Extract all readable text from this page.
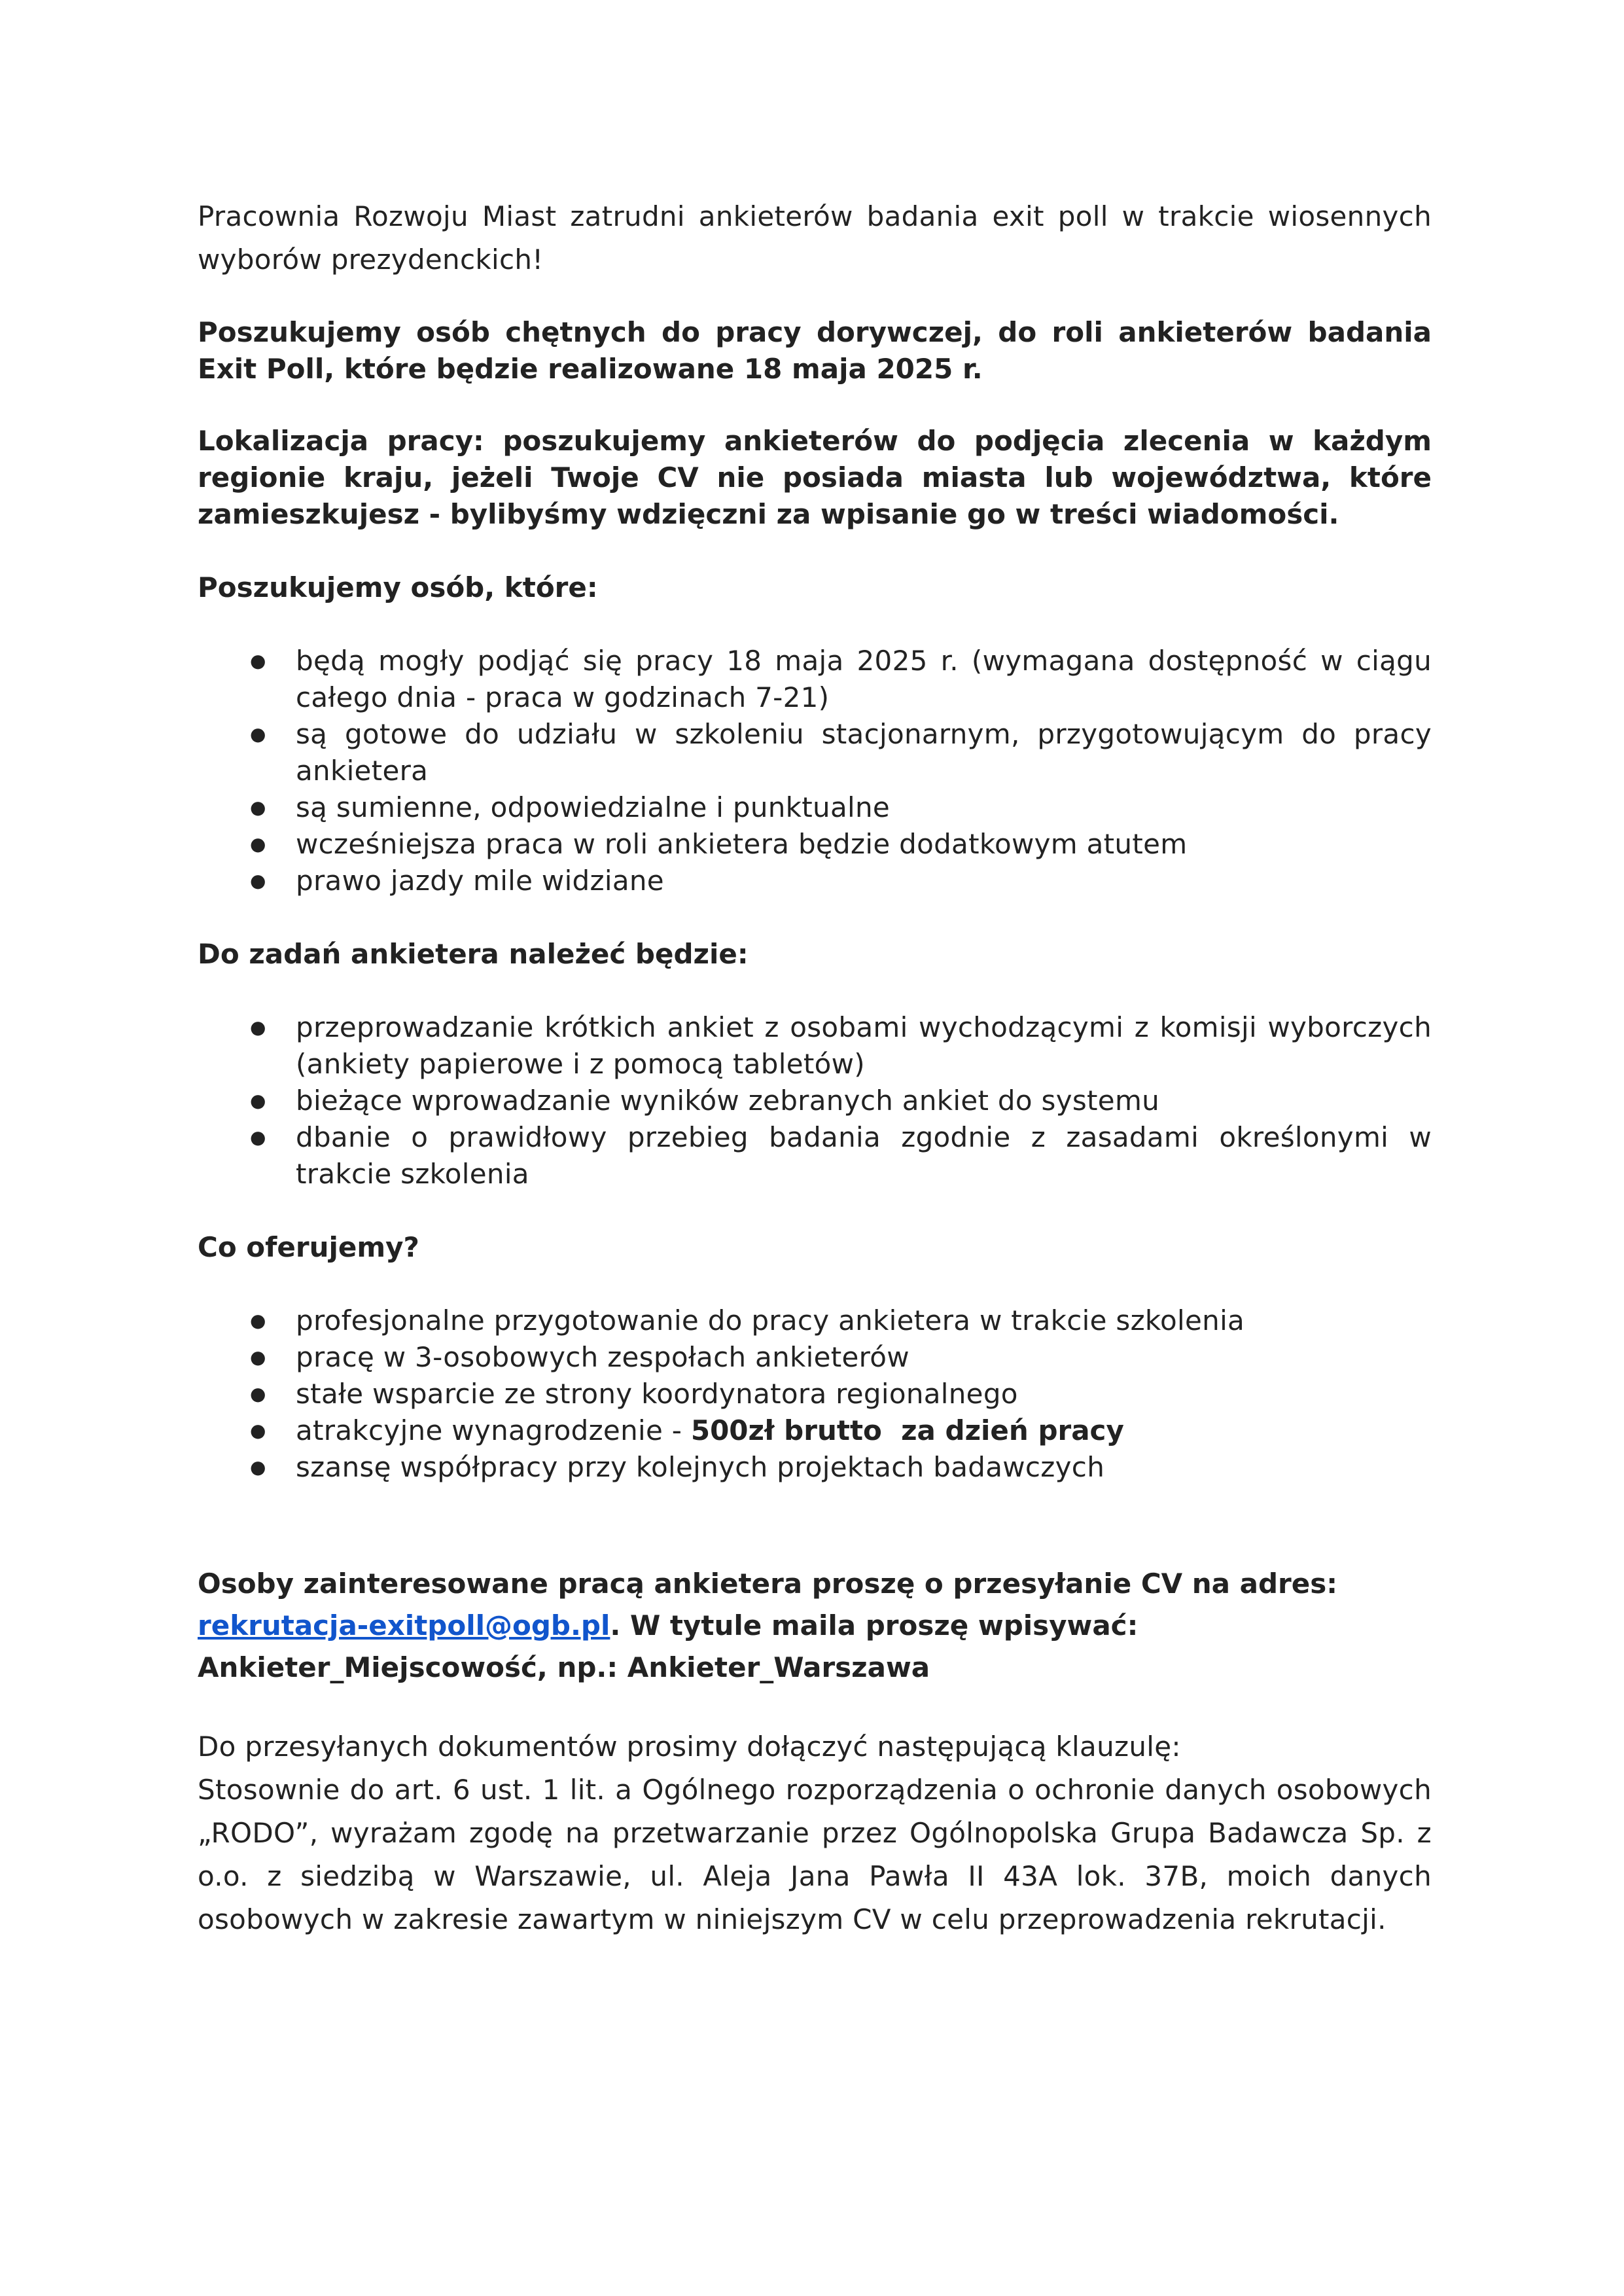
Pracownia Rozwoju Miast zatrudni ankieterów badania exit poll w trakcie wiosennych wyborów prezydenckich!

Poszukujemy osób chętnych do pracy dorywczej, do roli ankieterów badania Exit Poll, które będzie realizowane 18 maja 2025 r.

Lokalizacja pracy: poszukujemy ankieterów do podjęcia zlecenia w każdym regionie kraju, jeżeli Twoje CV nie posiada miasta lub województwa, które zamieszkujesz - bylibyśmy wdzięczni za wpisanie go w treści wiadomości.

Poszukujemy osób, które:
● będą mogły podjąć się pracy 18 maja 2025 r. (wymagana dostępność w ciągu całego dnia - praca w godzinach 7-21)
● są gotowe do udziału w szkoleniu stacjonarnym, przygotowującym do pracy ankietera
● są sumienne, odpowiedzialne i punktualne
● wcześniejsza praca w roli ankietera będzie dodatkowym atutem
● prawo jazdy mile widziane
Do zadań ankietera należeć będzie:
● przeprowadzanie krótkich ankiet z osobami wychodzącymi z komisji wyborczych (ankiety papierowe i z pomocą tabletów)
● bieżące wprowadzanie wyników zebranych ankiet do systemu
● dbanie o prawidłowy przebieg badania zgodnie z zasadami określonymi w trakcie szkolenia
Co oferujemy?
● profesjonalne przygotowanie do pracy ankietera w trakcie szkolenia
● pracę w 3-osobowych zespołach ankieterów
● stałe wsparcie ze strony koordynatora regionalnego
● atrakcyjne wynagrodzenie - 500zł brutto  za dzień pracy
● szansę współpracy przy kolejnych projektach badawczych

Osoby zainteresowane pracą ankietera proszę o przesyłanie CV na adres:
rekrutacja-exitpoll@ogb.pl. W tytule maila proszę wpisywać:
Ankieter_Miejscowość, np.: Ankieter_Warszawa

Do przesyłanych dokumentów prosimy dołączyć następującą klauzulę:
Stosownie do art. 6 ust. 1 lit. a Ogólnego rozporządzenia o ochronie danych osobowych „RODO”, wyrażam zgodę na przetwarzanie przez Ogólnopolska Grupa Badawcza Sp. z o.o. z siedzibą w Warszawie, ul. Aleja Jana Pawła II 43A lok. 37B, moich danych osobowych w zakresie zawartym w niniejszym CV w celu przeprowadzenia rekrutacji.
